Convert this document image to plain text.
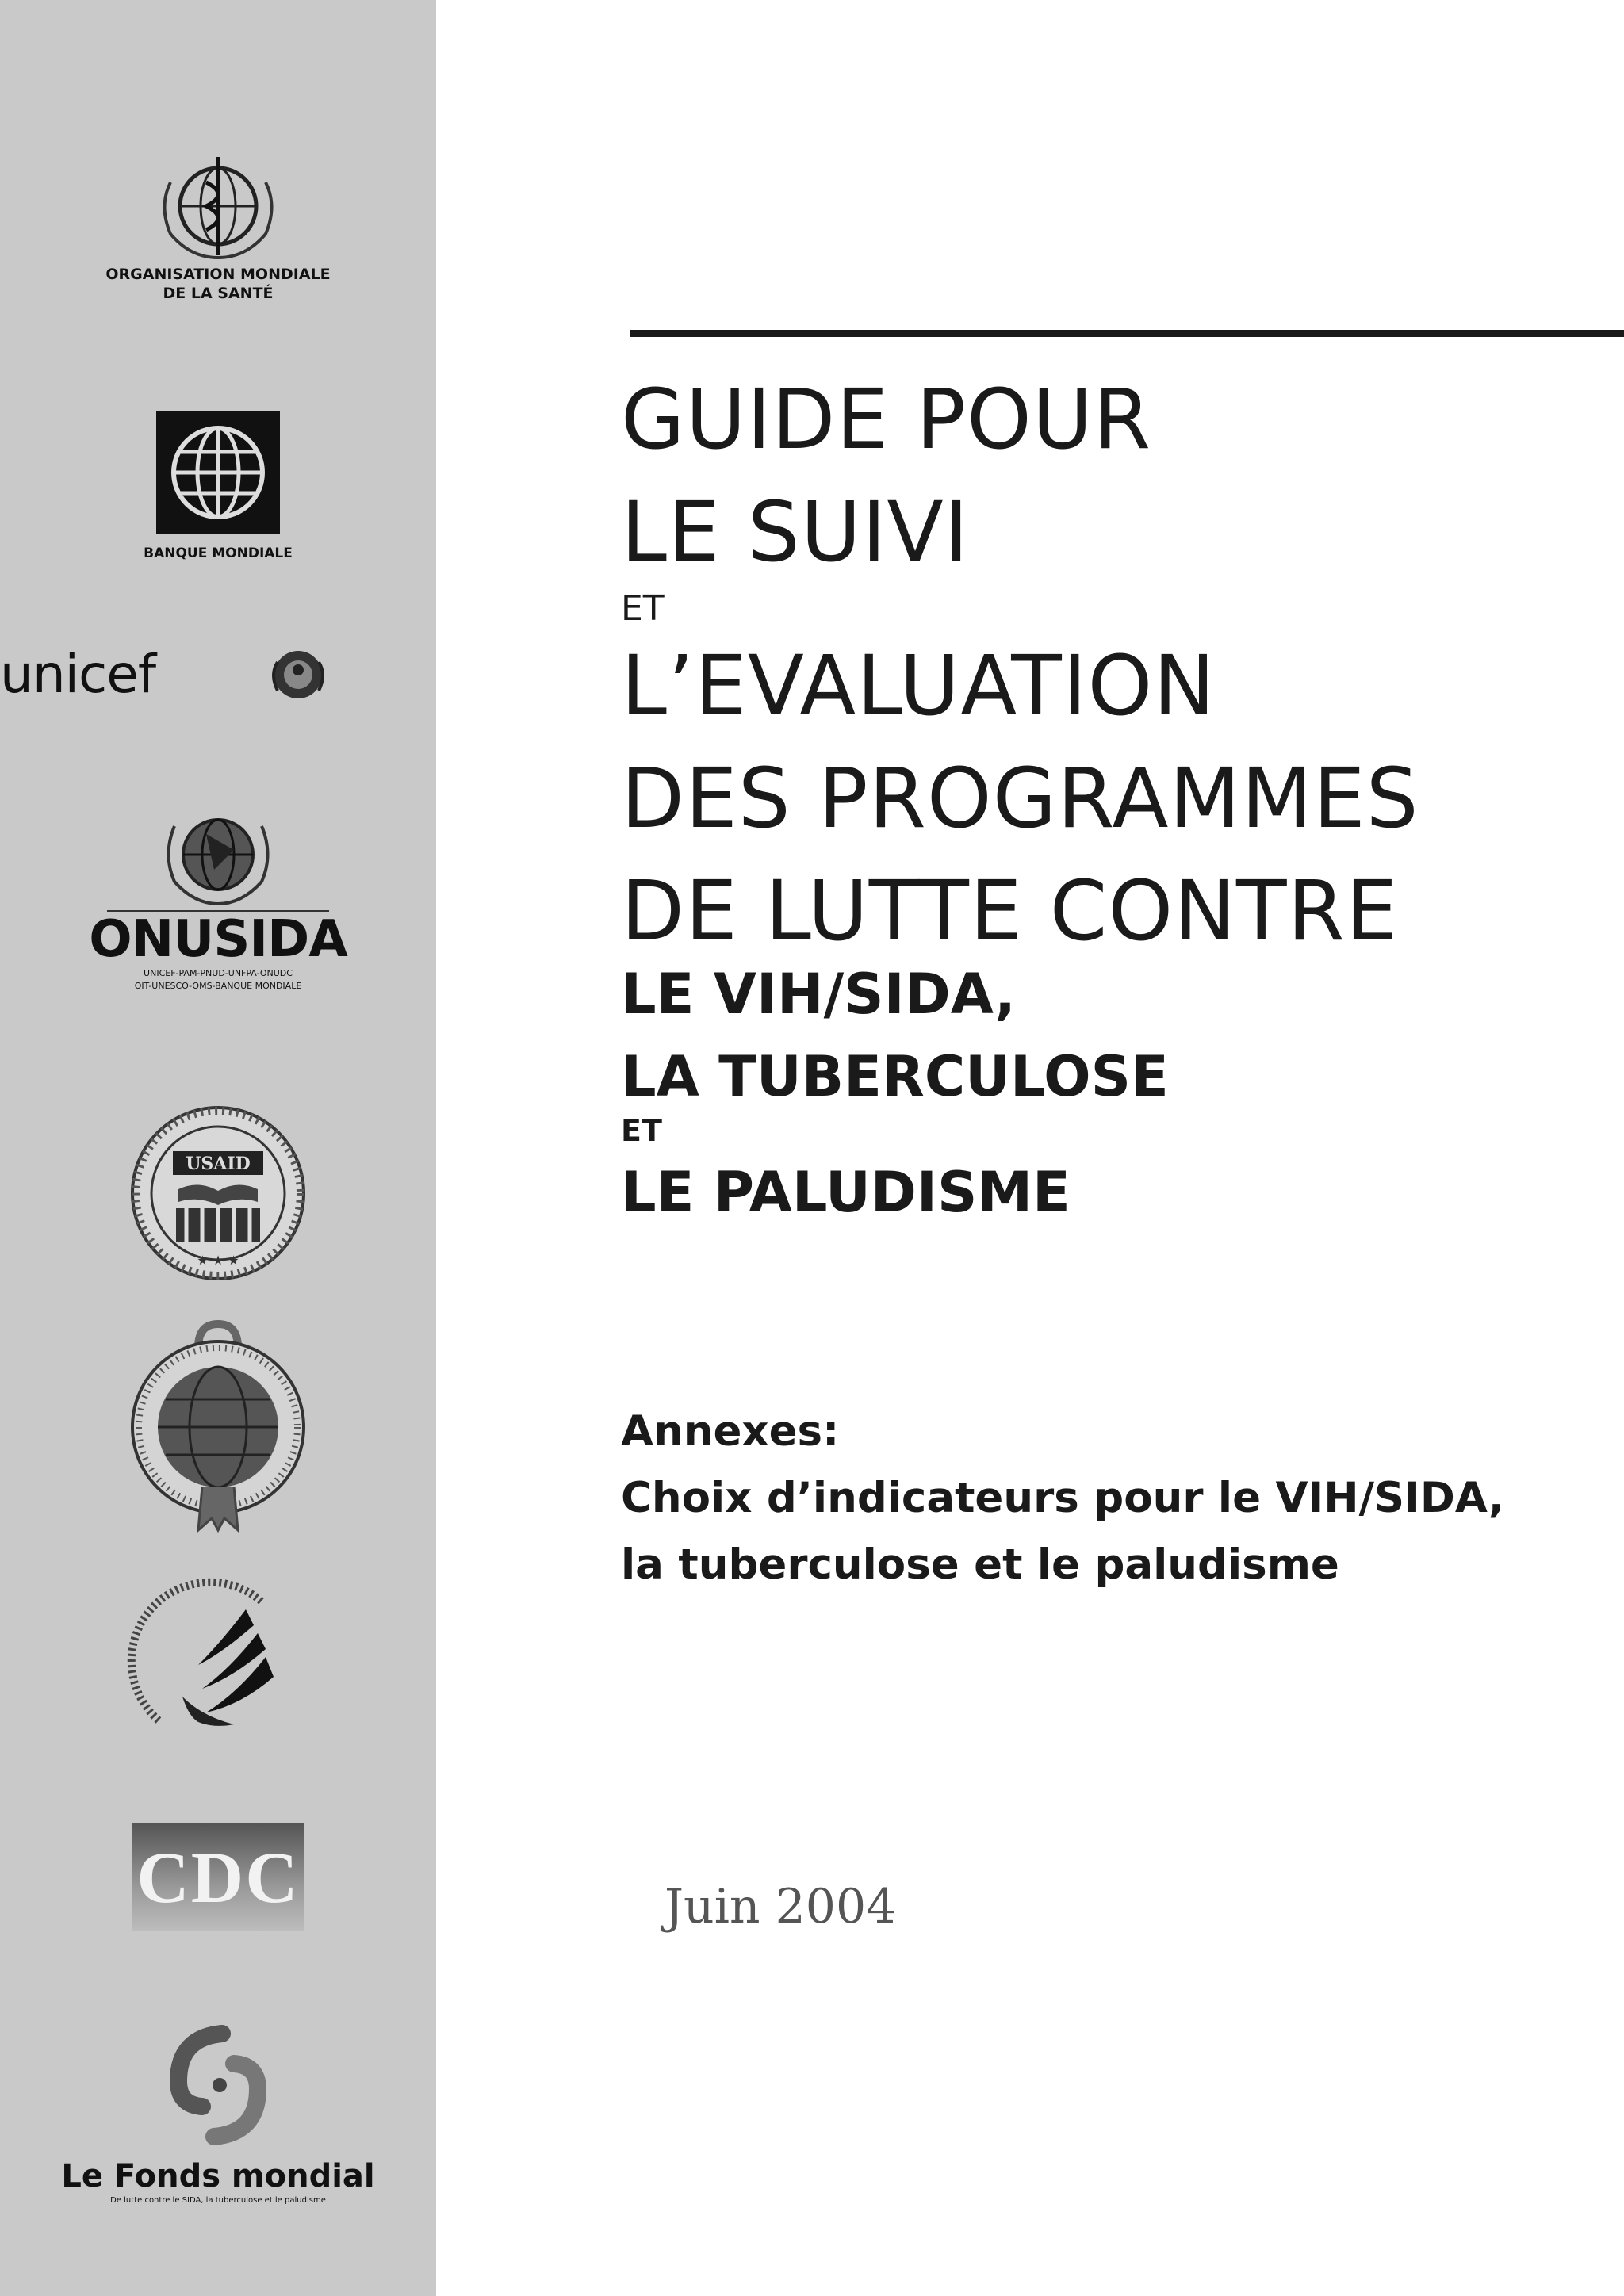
ORGANISATION MONDIALE
DE LA SANTÉ
BANQUE MONDIALE
unicef
ONUSIDA
UNICEF-PAM-PNUD-UNFPA-ONUDC
OIT-UNESCO-OMS-BANQUE MONDIALE
USAID
★ ★ ★
CDC
Le Fonds mondial
De lutte contre le SIDA, la tuberculose et le paludisme
GUIDE POUR
LE SUIVI
ET
L’EVALUATION
DES PROGRAMMES
DE LUTTE CONTRE
LE VIH/SIDA,
LA TUBERCULOSE
ET
LE PALUDISME
Annexes:
Choix d’indicateurs pour le VIH/SIDA,
la tuberculose et le paludisme
Juin 2004
